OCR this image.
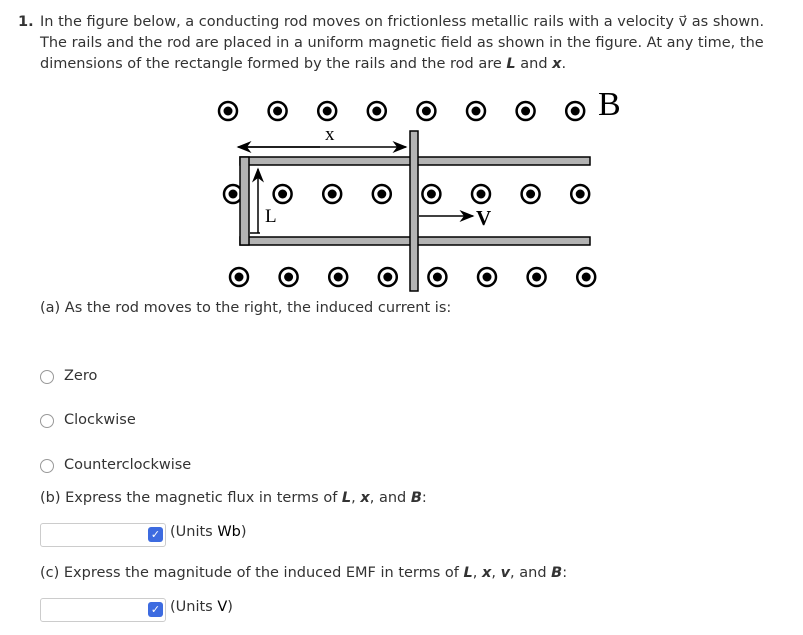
1. In the figure below, a conducting rod moves on frictionless metallic rails with a velocity v⃗ as shown. The rails and the rod are placed in a uniform magnetic field as shown in the figure. At any time, the dimensions of the rectangle formed by the rails and the rod are L and x.
x
L	V
B
(a) As the rod moves to the right, the induced current is:
Zero
Clockwise
Counterclockwise
(b) Express the magnetic flux in terms of L, x, and B:
✓ (Units Wb)
(c) Express the magnitude of the induced EMF in terms of L, x, v, and B:
✓ (Units V)
